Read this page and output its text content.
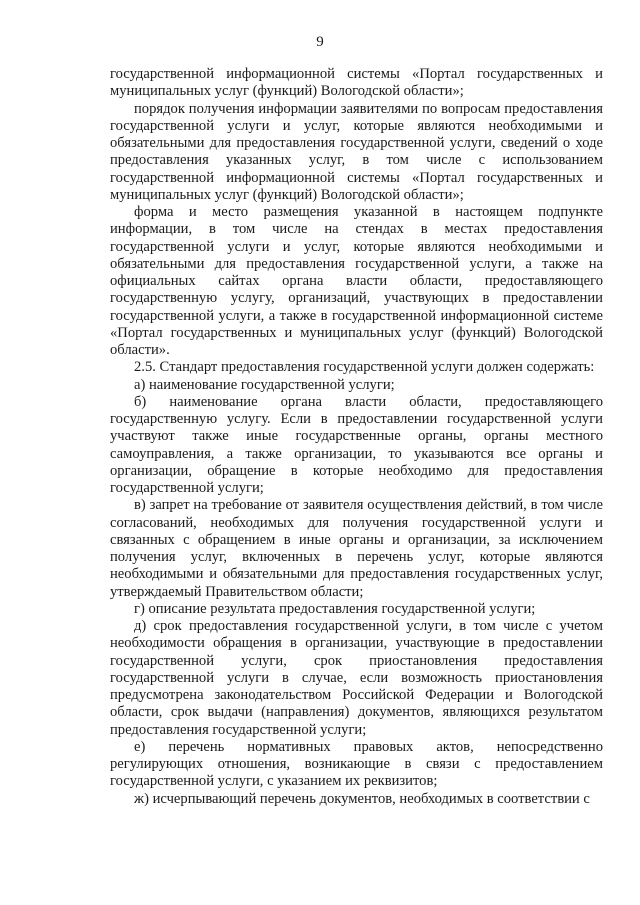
9

государственной информационной системы «Портал государственных и муниципальных услуг (функций) Вологодской области»;

порядок получения информации заявителями по вопросам предоставления государственной услуги и услуг, которые являются необходимыми и обязательными для предоставления государственной услуги, сведений о ходе предоставления указанных услуг, в том числе с использованием государственной информационной системы «Портал государственных и муниципальных услуг (функций) Вологодской области»;

форма и место размещения указанной в настоящем подпункте информации, в том числе на стендах в местах предоставления государственной услуги и услуг, которые являются необходимыми и обязательными для предоставления государственной услуги, а также на официальных сайтах органа власти области, предоставляющего государственную услугу, организаций, участвующих в предоставлении государственной услуги, а также в государственной информационной системе «Портал государственных и муниципальных услуг (функций) Вологодской области».

2.5. Стандарт предоставления государственной услуги должен содержать:

а) наименование государственной услуги;

б) наименование органа власти области, предоставляющего государственную услугу. Если в предоставлении государственной услуги участвуют также иные государственные органы, органы местного самоуправления, а также организации, то указываются все органы и организации, обращение в которые необходимо для предоставления государственной услуги;

в) запрет на требование от заявителя осуществления действий, в том числе согласований, необходимых для получения государственной услуги и связанных с обращением в иные органы и организации, за исключением получения услуг, включенных в перечень услуг, которые являются необходимыми и обязательными для предоставления государственных услуг, утверждаемый Правительством области;

г) описание результата предоставления государственной услуги;

д) срок предоставления государственной услуги, в том числе с учетом необходимости обращения в организации, участвующие в предоставлении государственной услуги, срок приостановления предоставления государственной услуги в случае, если возможность приостановления предусмотрена законодательством Российской Федерации и Вологодской области, срок выдачи (направления) документов, являющихся результатом предоставления государственной услуги;

е) перечень нормативных правовых актов, непосредственно регулирующих отношения, возникающие в связи с предоставлением государственной услуги, с указанием их реквизитов;

ж) исчерпывающий перечень документов, необходимых в соответствии с
